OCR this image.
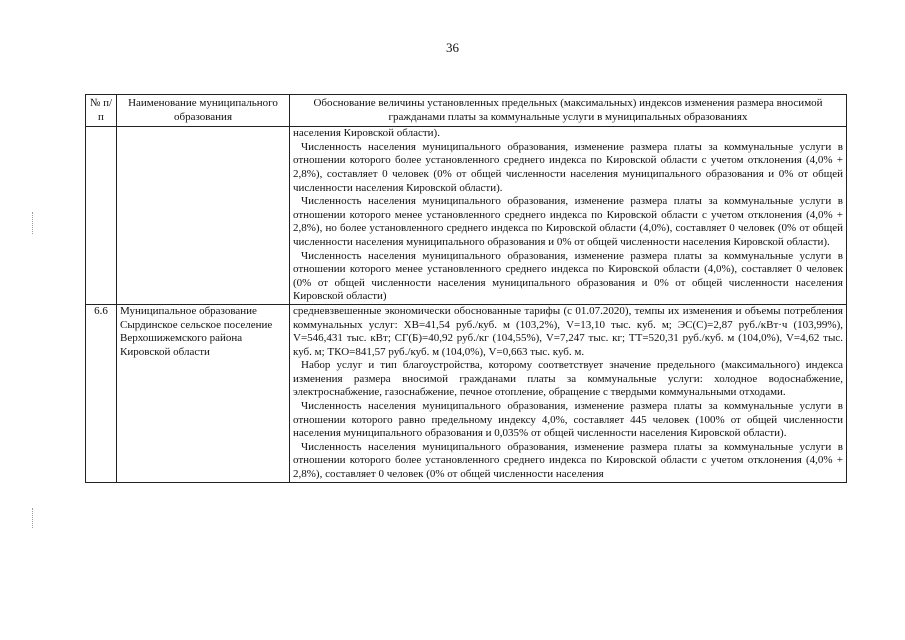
36
№ п/п	Наименование муниципального образования	Обоснование величины установленных предельных (максимальных) индексов изменения размера вносимой гражданами платы за коммунальные услуги в муниципальных образованиях

		населения Кировской области).

Численность населения муниципального образования, изменение размера платы за коммунальные услуги в отношении которого более установленного среднего индекса по Кировской области с учетом отклонения (4,0% + 2,8%), составляет 0 человек (0% от общей численности населения муниципального образования и 0% от общей численности населения Кировской области).

Численность населения муниципального образования, изменение размера платы за коммунальные услуги в отношении которого менее установленного среднего индекса по Кировской области с учетом отклонения (4,0% + 2,8%), но более установленного среднего индекса по Кировской области (4,0%), составляет 0 человек (0% от общей численности населения муниципального образования и 0% от общей численности населения Кировской области).

Численность населения муниципального образования, изменение размера платы за коммунальные услуги в отношении которого менее установленного среднего индекса по Кировской области (4,0%), составляет 0 человек (0% от общей численности населения муниципального образования и 0% от общей численности населения Кировской области)

6.6	Муниципальное образование Сырдинское сельское поселение Верхошижемского района Кировской области	средневзвешенные экономически обоснованные тарифы (с 01.07.2020), темпы их изменения и объемы потребления коммунальных услуг: ХВ=41,54 руб./куб. м (103,2%), V=13,10 тыс. куб. м; ЭС(С)=2,87 руб./кВт·ч (103,99%), V=546,431 тыс. кВт; СГ(Б)=40,92 руб./кг (104,55%), V=7,247 тыс. кг; ТТ=520,31 руб./куб. м (104,0%), V=4,62 тыс. куб. м; ТКО=841,57 руб./куб. м (104,0%), V=0,663 тыс. куб. м.

Набор услуг и тип благоустройства, которому соответствует значение предельного (максимального) индекса изменения размера вносимой гражданами платы за коммунальные услуги: холодное водоснабжение, электроснабжение, газоснабжение, печное отопление, обращение с твердыми коммунальными отходами.

Численность населения муниципального образования, изменение размера платы за коммунальные услуги в отношении которого равно предельному индексу 4,0%, составляет 445 человек (100% от общей численности населения муниципального образования и 0,035% от общей численности населения Кировской области).

Численность населения муниципального образования, изменение размера платы за коммунальные услуги в отношении которого более установленного среднего индекса по Кировской области с учетом отклонения (4,0% + 2,8%), составляет 0 человек (0% от общей численности населения
